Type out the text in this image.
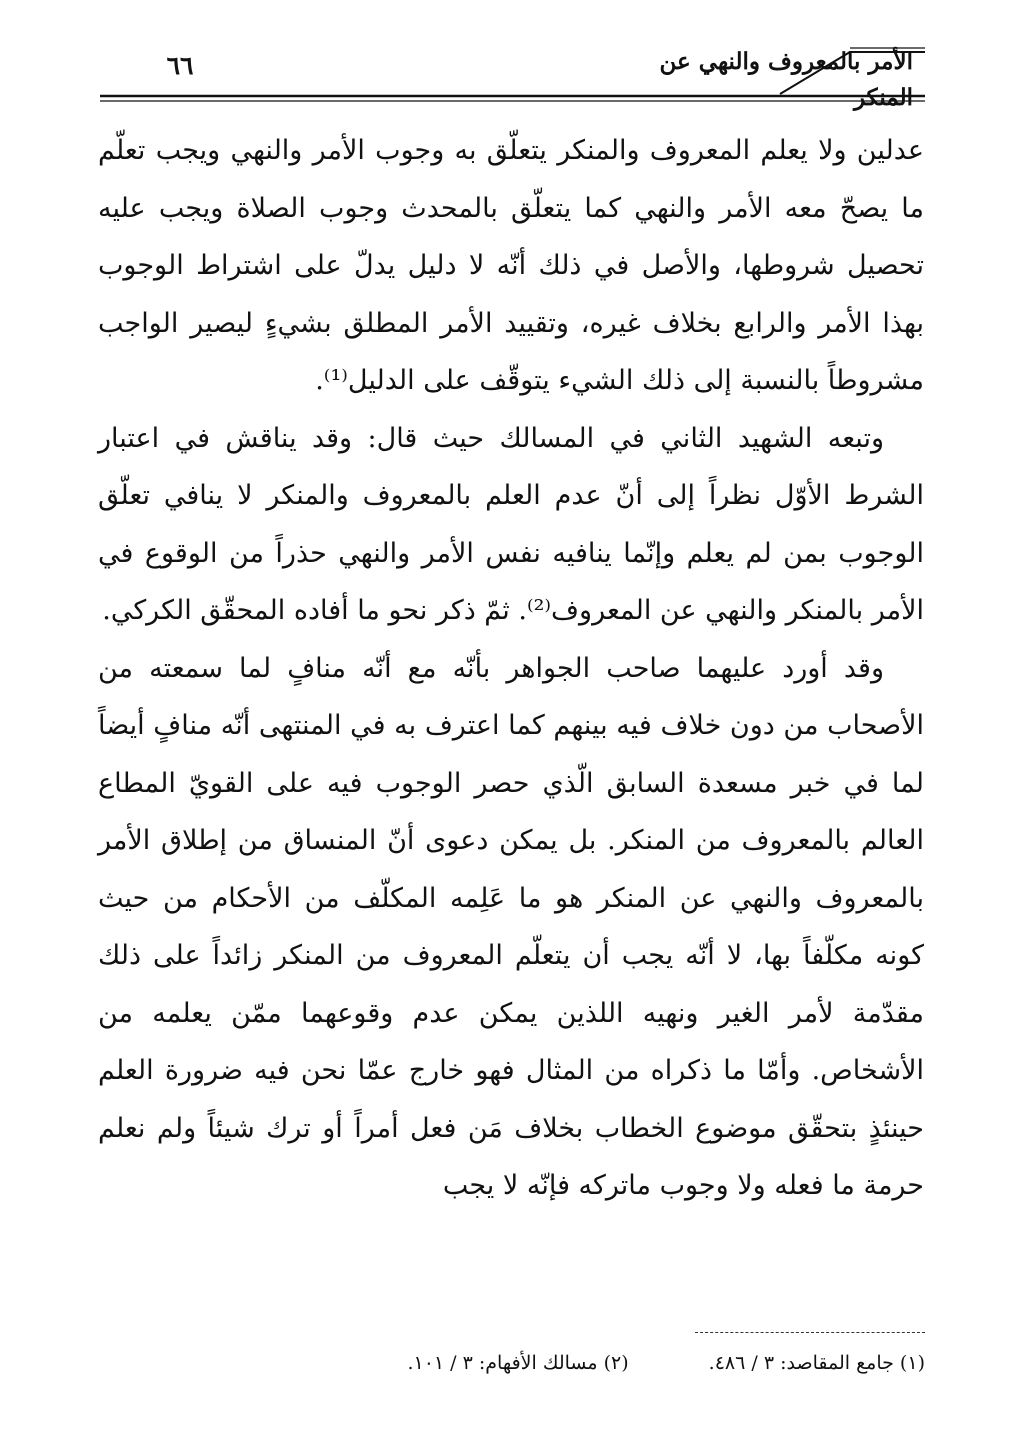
٦٦	الأمر بالمعروف والنهي عن المنكر

عدلين ولا يعلم المعروف والمنكر يتعلّق به وجوب الأمر والنهي ويجب تعلّم ما يصحّ معه الأمر والنهي كما يتعلّق بالمحدث وجوب الصلاة ويجب عليه تحصيل شروطها، والأصل في ذلك أنّه لا دليل يدلّ على اشتراط الوجوب بهذا الأمر والرابع بخلاف غيره، وتقييد الأمر المطلق بشيءٍ ليصير الواجب مشروطاً بالنسبة إلى ذلك الشيء يتوقّف على الدليل⁽¹⁾.

وتبعه الشهيد الثاني في المسالك حيث قال: وقد يناقش في اعتبار الشرط الأوّل نظراً إلى أنّ عدم العلم بالمعروف والمنكر لا ينافي تعلّق الوجوب بمن لم يعلم وإنّما ينافيه نفس الأمر والنهي حذراً من الوقوع في الأمر بالمنكر والنهي عن المعروف⁽²⁾. ثمّ ذكر نحو ما أفاده المحقّق الكركي.

وقد أورد عليهما صاحب الجواهر بأنّه مع أنّه منافٍ لما سمعته من الأصحاب من دون خلاف فيه بينهم كما اعترف به في المنتهى أنّه منافٍ أيضاً لما في خبر مسعدة السابق الّذي حصر الوجوب فيه على القويّ المطاع العالم بالمعروف من المنكر. بل يمكن دعوى أنّ المنساق من إطلاق الأمر بالمعروف والنهي عن المنكر هو ما عَلِمه المكلّف من الأحكام من حيث كونه مكلّفاً بها، لا أنّه يجب أن يتعلّم المعروف من المنكر زائداً على ذلك مقدّمة لأمر الغير ونهيه اللذين يمكن عدم وقوعهما ممّن يعلمه من الأشخاص. وأمّا ما ذكراه من المثال فهو خارج عمّا نحن فيه ضرورة العلم حينئذٍ بتحقّق موضوع الخطاب بخلاف مَن فعل أمراً أو ترك شيئاً ولم نعلم حرمة ما فعله ولا وجوب ماتركه فإنّه لا يجب

(١) جامع المقاصد: ٣ / ٤٨٦.
(٢) مسالك الأفهام: ٣ / ١٠١.
